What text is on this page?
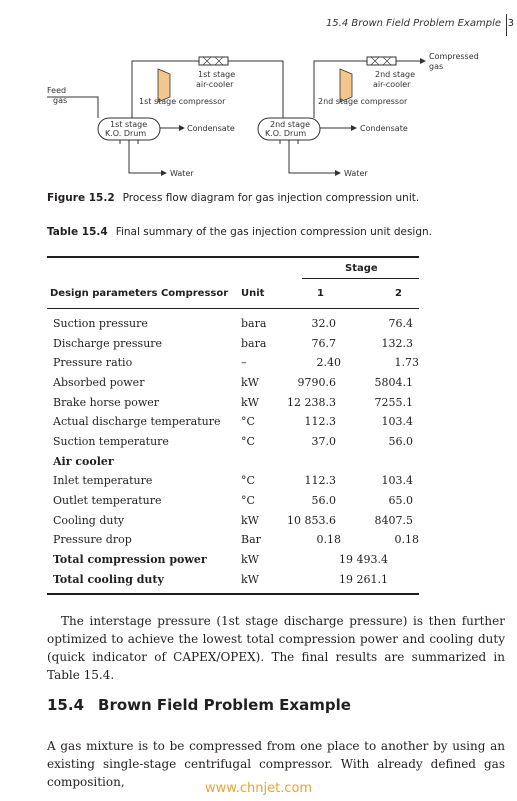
15.4 Brown Field Problem Example 3
Feed
gas
1st stage
air-cooler
1st stage compressor
1st stage
K.O. Drum
Condensate
Water
2nd stage
air-cooler
2nd stage compressor
2nd stage
K.O. Drum
Condensate
Water
Compressed
gas
Figure 15.2 Process flow diagram for gas injection compression unit.
Table 15.4 Final summary of the gas injection compression unit design.
Stage
Design parameters Compressor Unit	1	2
Suction pressure	bara	32.0	76.4
Discharge pressure	bara	76.7	132.3
Pressure ratio	–	2.40	1.73
Absorbed power	kW	9790.6	5804.1
Brake horse power	kW	12 238.3	7255.1
Actual discharge temperature °C	112.3	103.4
Suction temperature	°C	37.0	56.0
Air cooler
Inlet temperature	°C	112.3	103.4
Outlet temperature	°C	56.0	65.0
Cooling duty	kW	10 853.6	8407.5
Pressure drop	Bar	0.18	0.18
Total compression power	kW	19 493.4
Total cooling duty	kW	19 261.1
The interstage pressure (1st stage discharge pressure) is then further optimized to achieve the lowest total compression power and cooling duty (quick indicator of CAPEX/OPEX). The final results are summarized in Table 15.4.
15.4 Brown Field Problem Example
A gas mixture is to be compressed from one place to another by using an existing single-stage centrifugal compressor. With already defined gas composition,	www.chnjet.com
